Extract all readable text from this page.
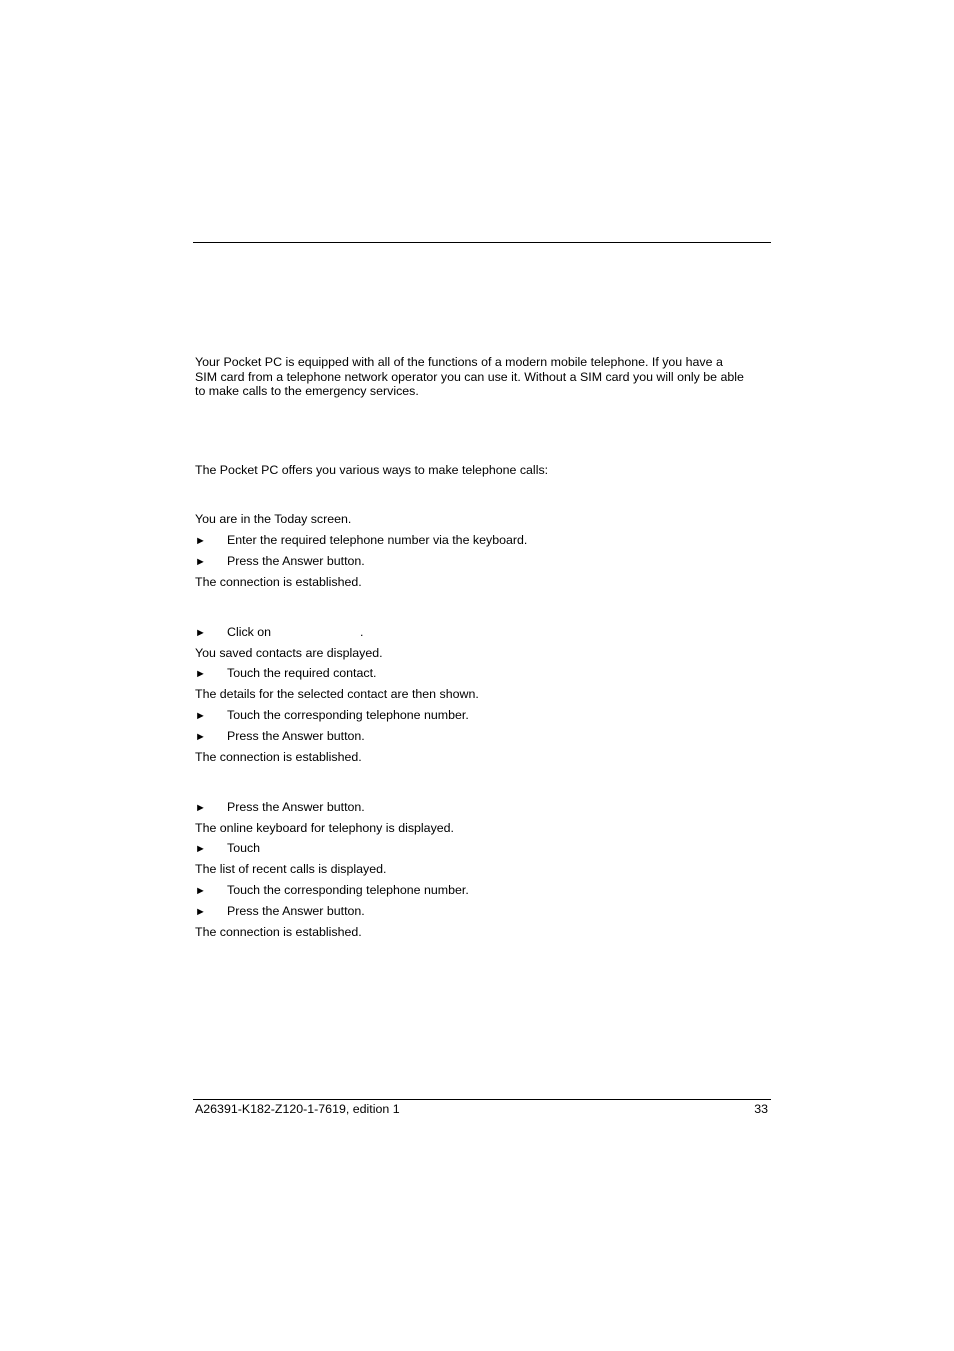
Your Pocket PC is equipped with all of the functions of a modern mobile telephone. If you have a
SIM card from a telephone network operator you can use it. Without a SIM card you will only be able
to make calls to the emergency services.
The Pocket PC offers you various ways to make telephone calls:
You are in the Today screen.
► Enter the required telephone number via the keyboard.
► Press the Answer button.
The connection is established.
► Click on	.
You saved contacts are displayed.
► Touch the required contact.
The details for the selected contact are then shown.
► Touch the corresponding telephone number.
► Press the Answer button.
The connection is established.
► Press the Answer button.
The online keyboard for telephony is displayed.
► Touch
The list of recent calls is displayed.
► Touch the corresponding telephone number.
► Press the Answer button.
The connection is established.
A26391-K182-Z120-1-7619, edition 1	33
